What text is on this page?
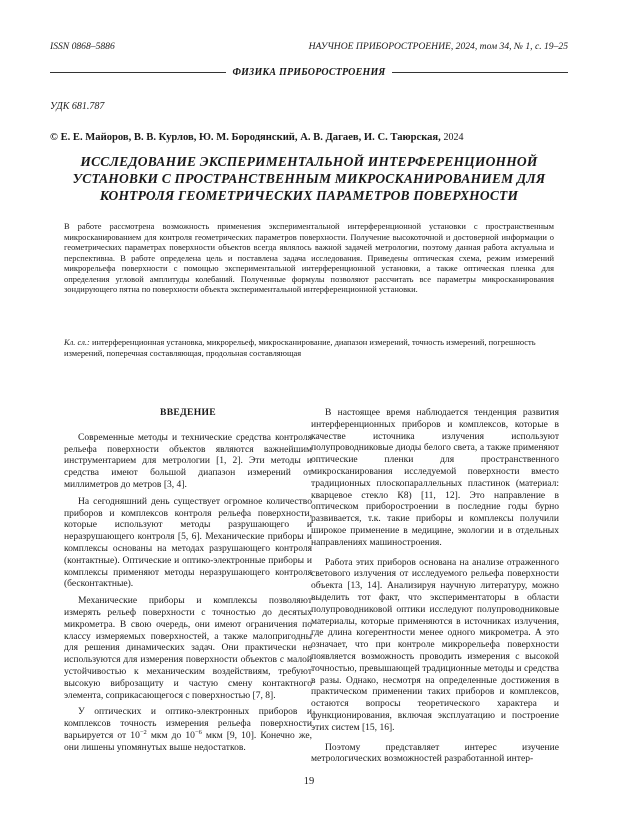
ISSN 0868–5886	НАУЧНОЕ ПРИБОРОСТРОЕНИЕ, 2024, том 34, № 1, с. 19–25
ФИЗИКА ПРИБОРОСТРОЕНИЯ
УДК 681.787
© Е. Е. Майоров, В. В. Курлов, Ю. М. Бородянский, А. В. Дагаев, И. С. Таюрская, 2024
ИССЛЕДОВАНИЕ ЭКСПЕРИМЕНТАЛЬНОЙ ИНТЕРФЕРЕНЦИОННОЙ УСТАНОВКИ С ПРОСТРАНСТВЕННЫМ МИКРОСКАНИРОВАНИЕМ ДЛЯ КОНТРОЛЯ ГЕОМЕТРИЧЕСКИХ ПАРАМЕТРОВ ПОВЕРХНОСТИ

В работе рассмотрена возможность применения экспериментальной интерференционной установки с пространственным микросканированием для контроля геометрических параметров поверхности. Получение высокоточной и достоверной информации о геометрических параметрах поверхности объектов всегда являлось важной задачей метрологии, поэтому данная работа актуальна и перспективна. В работе определена цель и поставлена задача исследования. Приведены оптическая схема, режим измерений микрорельефа поверхности с помощью экспериментальной интерференционной установки, а также оптическая пленка для определения угловой амплитуды колебаний. Полученные формулы позволяют рассчитать все параметры микросканирования зондирующего пятна по поверхности объекта экспериментальной интерференционной установки.

Кл. сл.: интерференционная установка, микрорельеф, микросканирование, диапазон измерений, точность измерений, погрешность измерений, поперечная составляющая, продольная составляющая

ВВЕДЕНИЕ

Современные методы и технические средства контроля рельефа поверхности объектов являются важнейшим инструментарием для метрологии [1, 2]. Эти методы и средства имеют большой диапазон измерений от миллиметров до метров [3, 4].

На сегодняшний день существует огромное количество приборов и комплексов контроля рельефа поверхности, которые используют методы разрушающего и неразрушающего контроля [5, 6]. Механические приборы и комплексы основаны на методах разрушающего контроля (контактные). Оптические и оптико-электронные приборы и комплексы применяют методы неразрушающего контроля (бесконтактные).

Механические приборы и комплексы позволяют измерять рельеф поверхности с точностью до десятых микрометра. В свою очередь, они имеют ограничения по классу измеряемых поверхностей, а также малопригодны для решения динамических задач. Они практически не используются для измерения поверхности объектов с малой устойчивостью к механическим воздействиям, требуют высокую виброзащиту и частую смену контактного элемента, соприкасающегося с поверхностью [7, 8].

У оптических и оптико-электронных приборов и комплексов точность измерения рельефа поверхности варьируется от $10^{-2}$ мкм до $10^{-6}$ мкм [9, 10]. Конечно же, они лишены упомянутых выше недостатков.

В настоящее время наблюдается тенденция развития интерференционных приборов и комплексов, которые в качестве источника излучения используют полупроводниковые диоды белого света, а также применяют оптические пленки для пространственного микросканирования исследуемой поверхности вместо традиционных плоскопараллельных пластинок (материал: кварцевое стекло К8) [11, 12]. Это направление в оптическом приборостроении в последние годы бурно развивается, т.к. такие приборы и комплексы получили широкое применение в медицине, экологии и в отдельных направлениях машиностроения.

Работа этих приборов основана на анализе отраженного светового излучения от исследуемого рельефа поверхности объекта [13, 14]. Анализируя научную литературу, можно выделить тот факт, что экспериментаторы в области полупроводниковой оптики исследуют полупроводниковые материалы, которые применяются в источниках излучения, где длина когерентности менее одного микрометра. А это означает, что при контроле микрорельефа поверхности появляется возможность проводить измерения с высокой точностью, превышающей традиционные методы и средства в разы. Однако, несмотря на определенные достижения в практическом применении таких приборов и комплексов, остаются вопросы теоретического характера и функционирования, включая эксплуатацию и построение этих систем [15, 16].

Поэтому представляет интерес изучение метрологических возможностей разработанной интер-

19
